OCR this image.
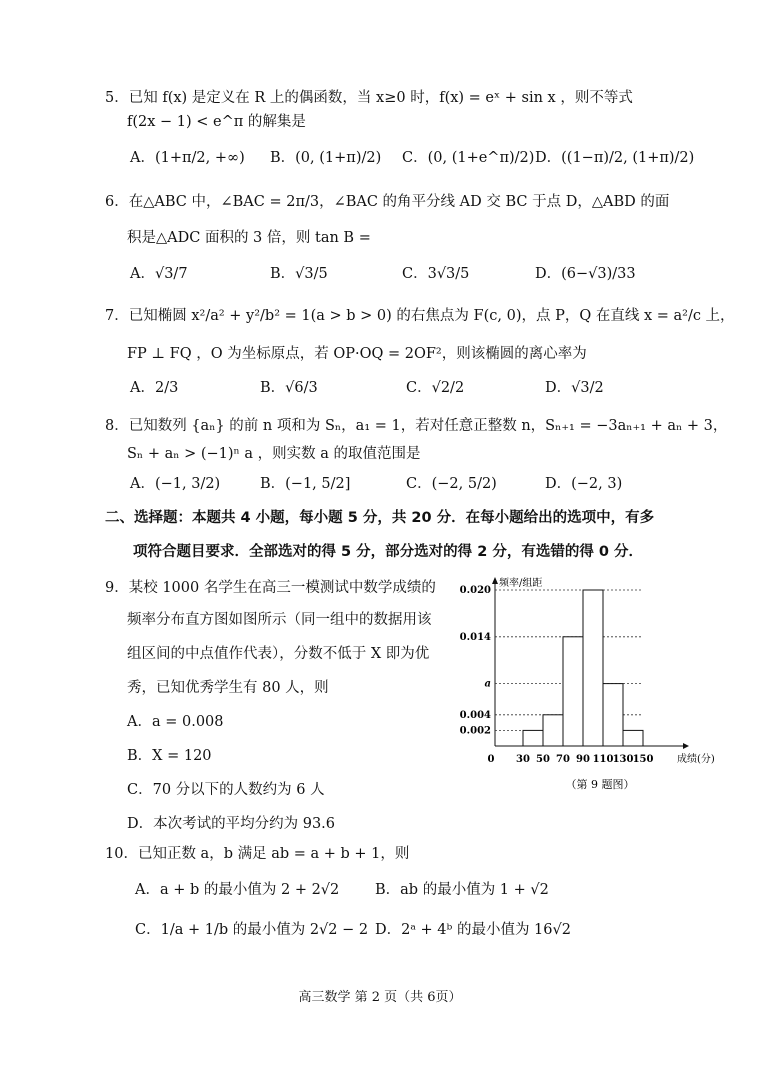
5．已知 f(x) 是定义在 R 上的偶函数，当 x≥0 时，f(x) = eˣ + sin x ，则不等式
f(2x − 1) < e^π 的解集是
A．(1+π/2, +∞) B．(0, (1+π)/2) C．(0, (1+e^π)/2) D．((1−π)/2, (1+π)/2)
6．在△ABC 中，∠BAC = 2π/3，∠BAC 的角平分线 AD 交 BC 于点 D，△ABD 的面
积是△ADC 面积的 3 倍，则 tan B =
A．√3/7	B．√3/5	C．3√3/5	D．(6−√3)/33
7．已知椭圆 x²/a² + y²/b² = 1(a > b > 0) 的右焦点为 F(c, 0)，点 P，Q 在直线 x = a²/c 上，
FP ⊥ FQ ，O 为坐标原点，若 OP·OQ = 2OF²，则该椭圆的离心率为
A．2/3	B．√6/3	C．√2/2	D．√3/2
8．已知数列 {aₙ} 的前 n 项和为 Sₙ，a₁ = 1，若对任意正整数 n，Sₙ₊₁ = −3aₙ₊₁ + aₙ + 3，
Sₙ + aₙ > (−1)ⁿ a ，则实数 a 的取值范围是
A．(−1, 3/2)	B．(−1, 5/2]	C．(−2, 5/2)	D．(−2, 3)
二、选择题：本题共 4 小题，每小题 5 分，共 20 分．在每小题给出的选项中，有多
项符合题目要求．全部选对的得 5 分，部分选对的得 2 分，有选错的得 0 分．
9．某校 1000 名学生在高三一模测试中数学成绩的
频率分布直方图如图所示（同一组中的数据用该
组区间的中点值作代表），分数不低于 X 即为优
秀，已知优秀学生有 80 人，则
A．a = 0.008
B．X = 120
C．70 分以下的人数约为 6 人
D．本次考试的平均分约为 93.6
频率/组距
成绩(分)
0.020
0.014
a
0.004
0.002
0 30 50 70 90 110 130 150
（第 9 题图）
10．已知正数 a，b 满足 ab = a + b + 1，则
A．a + b 的最小值为 2 + 2√2 B．ab 的最小值为 1 + √2
C．1/a + 1/b 的最小值为 2√2 − 2 D．2ᵃ + 4ᵇ 的最小值为 16√2
高三数学 第 2 页（共 6页）
